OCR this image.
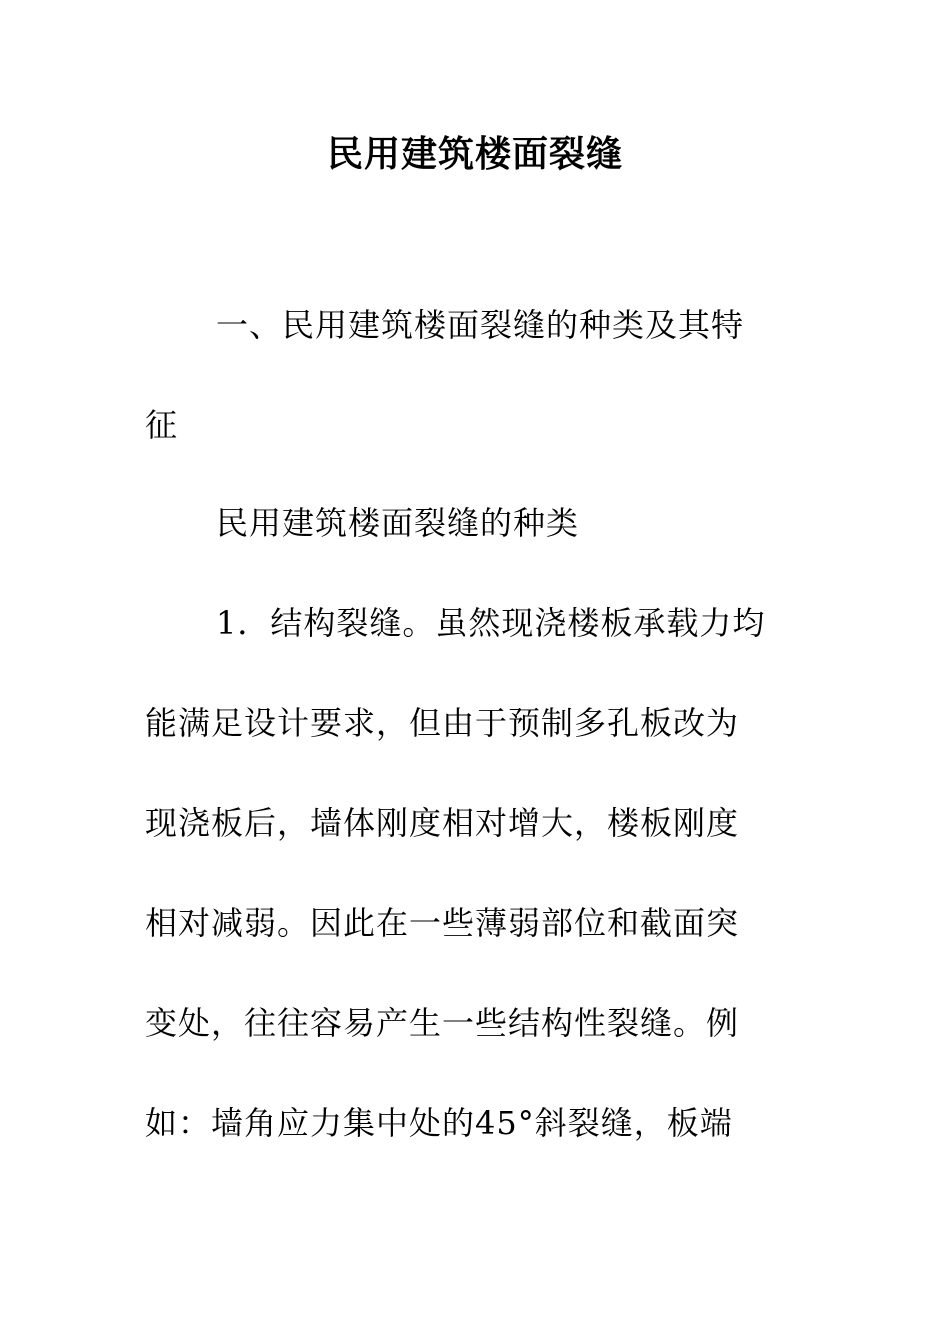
民用建筑楼面裂缝
一、民用建筑楼面裂缝的种类及其特
征
民用建筑楼面裂缝的种类
1．结构裂缝。虽然现浇楼板承载力均
能满足设计要求，但由于预制多孔板改为
现浇板后，墙体刚度相对增大，楼板刚度
相对减弱。因此在一些薄弱部位和截面突
变处，往往容易产生一些结构性裂缝。例
如：墙角应力集中处的45°斜裂缝，板端
